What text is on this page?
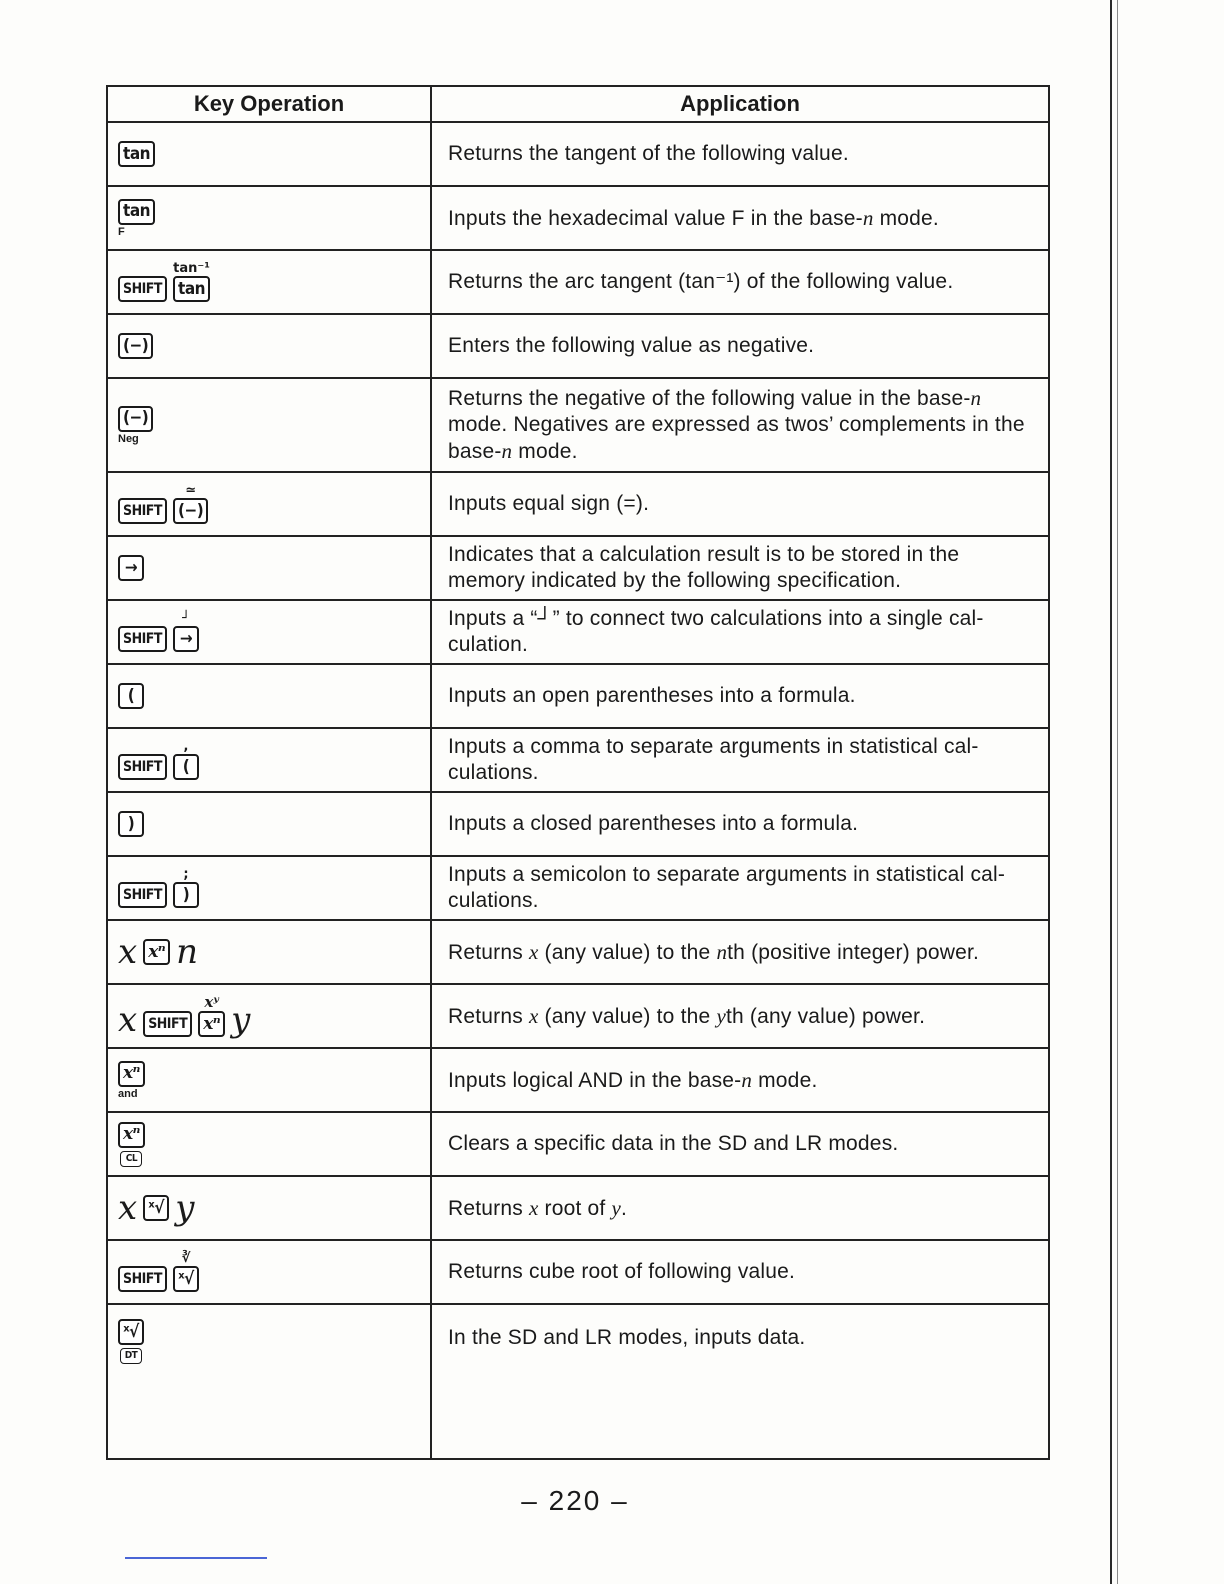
Key Operation	Application
tan	Returns the tangent of the following value.

tan
F	Inputs the hexadecimal value F in the base-n mode.

SHIFT
tan⁻¹
tan	Returns the arc tangent (tan⁻¹) of the following value.
(−)	Enters the following value as negative.

(−)
Neg	Returns the negative of the following value in the base-n mode. Negatives are expressed as twos’ complements in the base-n mode.

SHIFT
≃
(−)	Inputs equal sign (=).
→	Indicates that a calculation result is to be stored in the memory indicated by the following specification.

SHIFT
┘
→	Inputs a “┘” to connect two calculations into a single cal-culation.
(	Inputs an open parentheses into a formula.

SHIFT
,
(	Inputs a comma to separate arguments in statistical cal-culations.
)	Inputs a closed parentheses into a formula.

SHIFT
;
)	Inputs a semicolon to separate arguments in statistical cal-culations.

x xⁿ n	Returns x (any value) to the nth (positive integer) power.

x SHIFT
xʸ
xⁿ y	Returns x (any value) to the yth (any value) power.

xⁿ
and	Inputs logical AND in the base-n mode.

xⁿ
CL	Clears a specific data in the SD and LR modes.

x ˣ√ y	Returns x root of y.

SHIFT
∛
ˣ√	Returns cube root of following value.

ˣ√
DT	In the SD and LR modes, inputs data.
– 220 –
